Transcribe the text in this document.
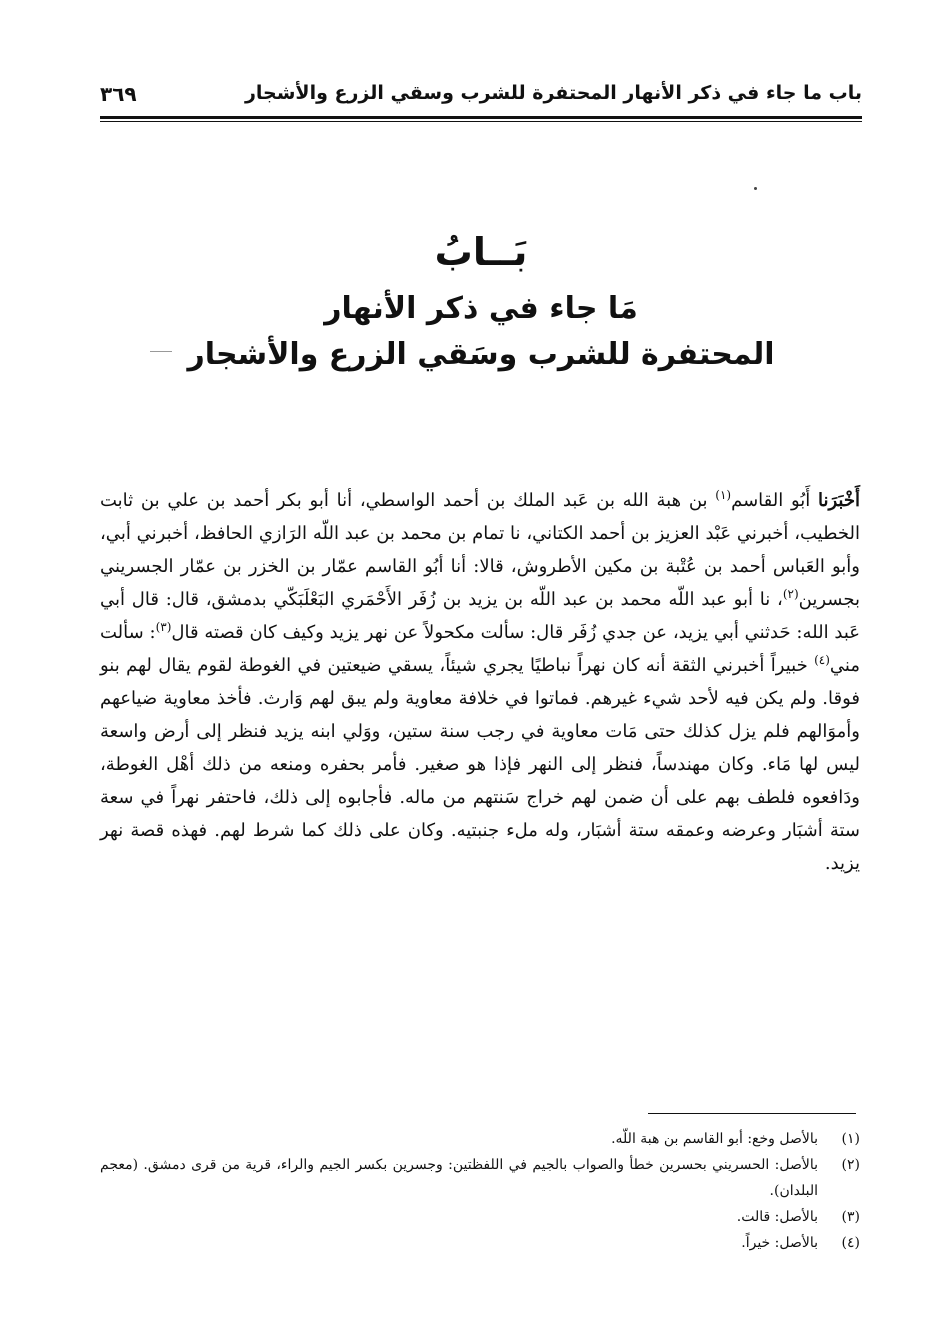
باب ما جاء في ذكر الأنهار المحتفرة للشرب وسقي الزرع والأشجار
٣٦٩
بَــابُ
مَا جاء في ذكر الأنهار
المحتفرة للشرب وسَقي الزرع والأشجار
أَخْبَرَنا أَبُو القاسم$^{(١)}$ بن هبة الله بن عَبد الملك بن أحمد الواسطي، أنا أبو بكر أحمد بن علي بن ثابت الخطيب، أخبرني عَبْد العزيز بن أحمد الكتاني، نا تمام بن محمد بن عبد اللّه الرَازي الحافظ، أخبرني أبي، وأبو العَباس أحمد بن عُتْبة بن مكين الأطروش، قالا: أنا أبُو القاسم عمّار بن الخزر بن عمّار الجسريني بجسرين$^{(٢)}$، نا أبو عبد اللّه محمد بن عبد اللّه بن يزيد بن زُفَر الأَحْمَري البَعْلَبَكّي بدمشق، قال: قال أبي عَبد الله: حَدثني أبي يزيد، عن جدي زُفَر قال: سألت مكحولاً عن نهر يزيد وكيف كان قصته قال$^{(٣)}$: سألت مني$^{(٤)}$ خبيراً أخبرني الثقة أنه كان نهراً نباطيًا يجري شيئاً، يسقي ضيعتين في الغوطة لقوم يقال لهم بنو فوقا. ولم يكن فيه لأحد شيء غيرهم. فماتوا في خلافة معاوية ولم يبق لهم وَارث. فأخذ معاوية ضياعهم وأموَالهم فلم يزل كذلك حتى مَات معاوية في رجب سنة ستين، ووَلي ابنه يزيد فنظر إلى أرض واسعة ليس لها مَاء. وكان مهندساً، فنظر إلى النهر فإذا هو صغير. فأمر بحفره ومنعه من ذلك أهْل الغوطة، ودَافعوه فلطف بهم على أن ضمن لهم خراج سَنتهم من ماله. فأجابوه إلى ذلك، فاحتفر نهراً في سعة ستة أشبَار وعرضه وعمقه ستة أشبَار، وله ملء جنبتيه. وكان على ذلك كما شرط لهم. فهذه قصة نهر يزيد.
(١)
بالأصل وخع: أبو القاسم بن هبة اللّه.
(٢)
بالأصل: الحسريني بحسرين خطأ والصواب بالجيم في اللفظتين: وجسرين بكسر الجيم والراء، قرية من قرى دمشق. (معجم البلدان).
(٣)
بالأصل: قالت.
(٤)
بالأصل: خيراً.
